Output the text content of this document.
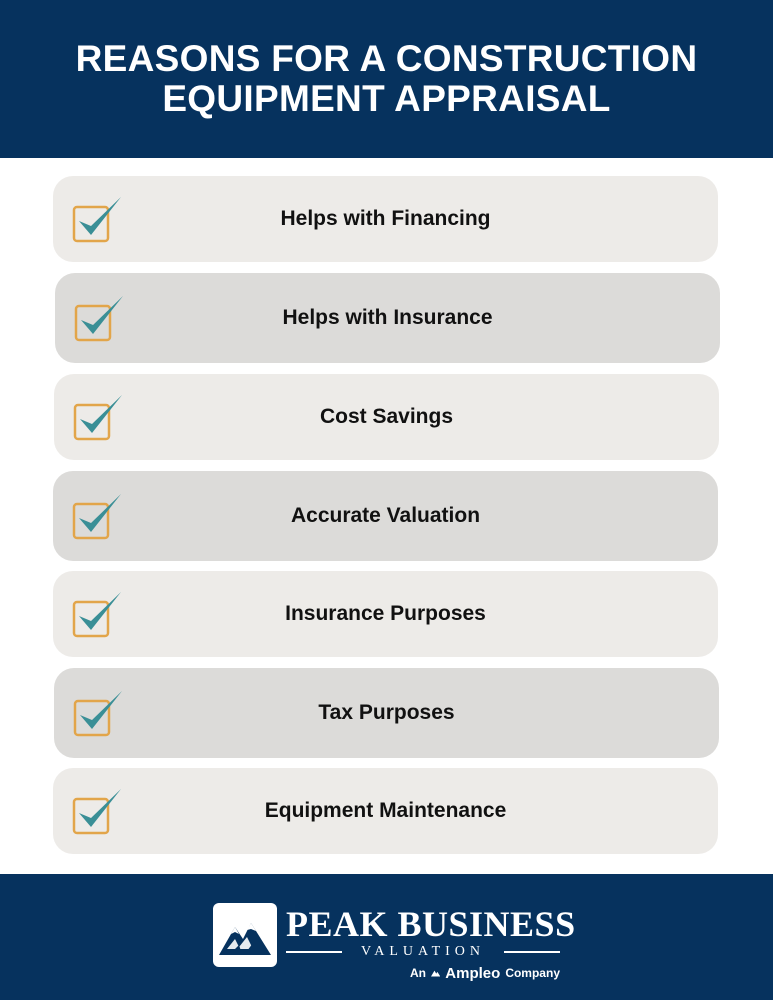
REASONS FOR A CONSTRUCTION EQUIPMENT APPRAISAL
Helps with Financing
Helps with Insurance
Cost Savings
Accurate Valuation
Insurance Purposes
Tax Purposes
Equipment Maintenance
PEAK BUSINESS
VALUATION
An Ampleo Company
